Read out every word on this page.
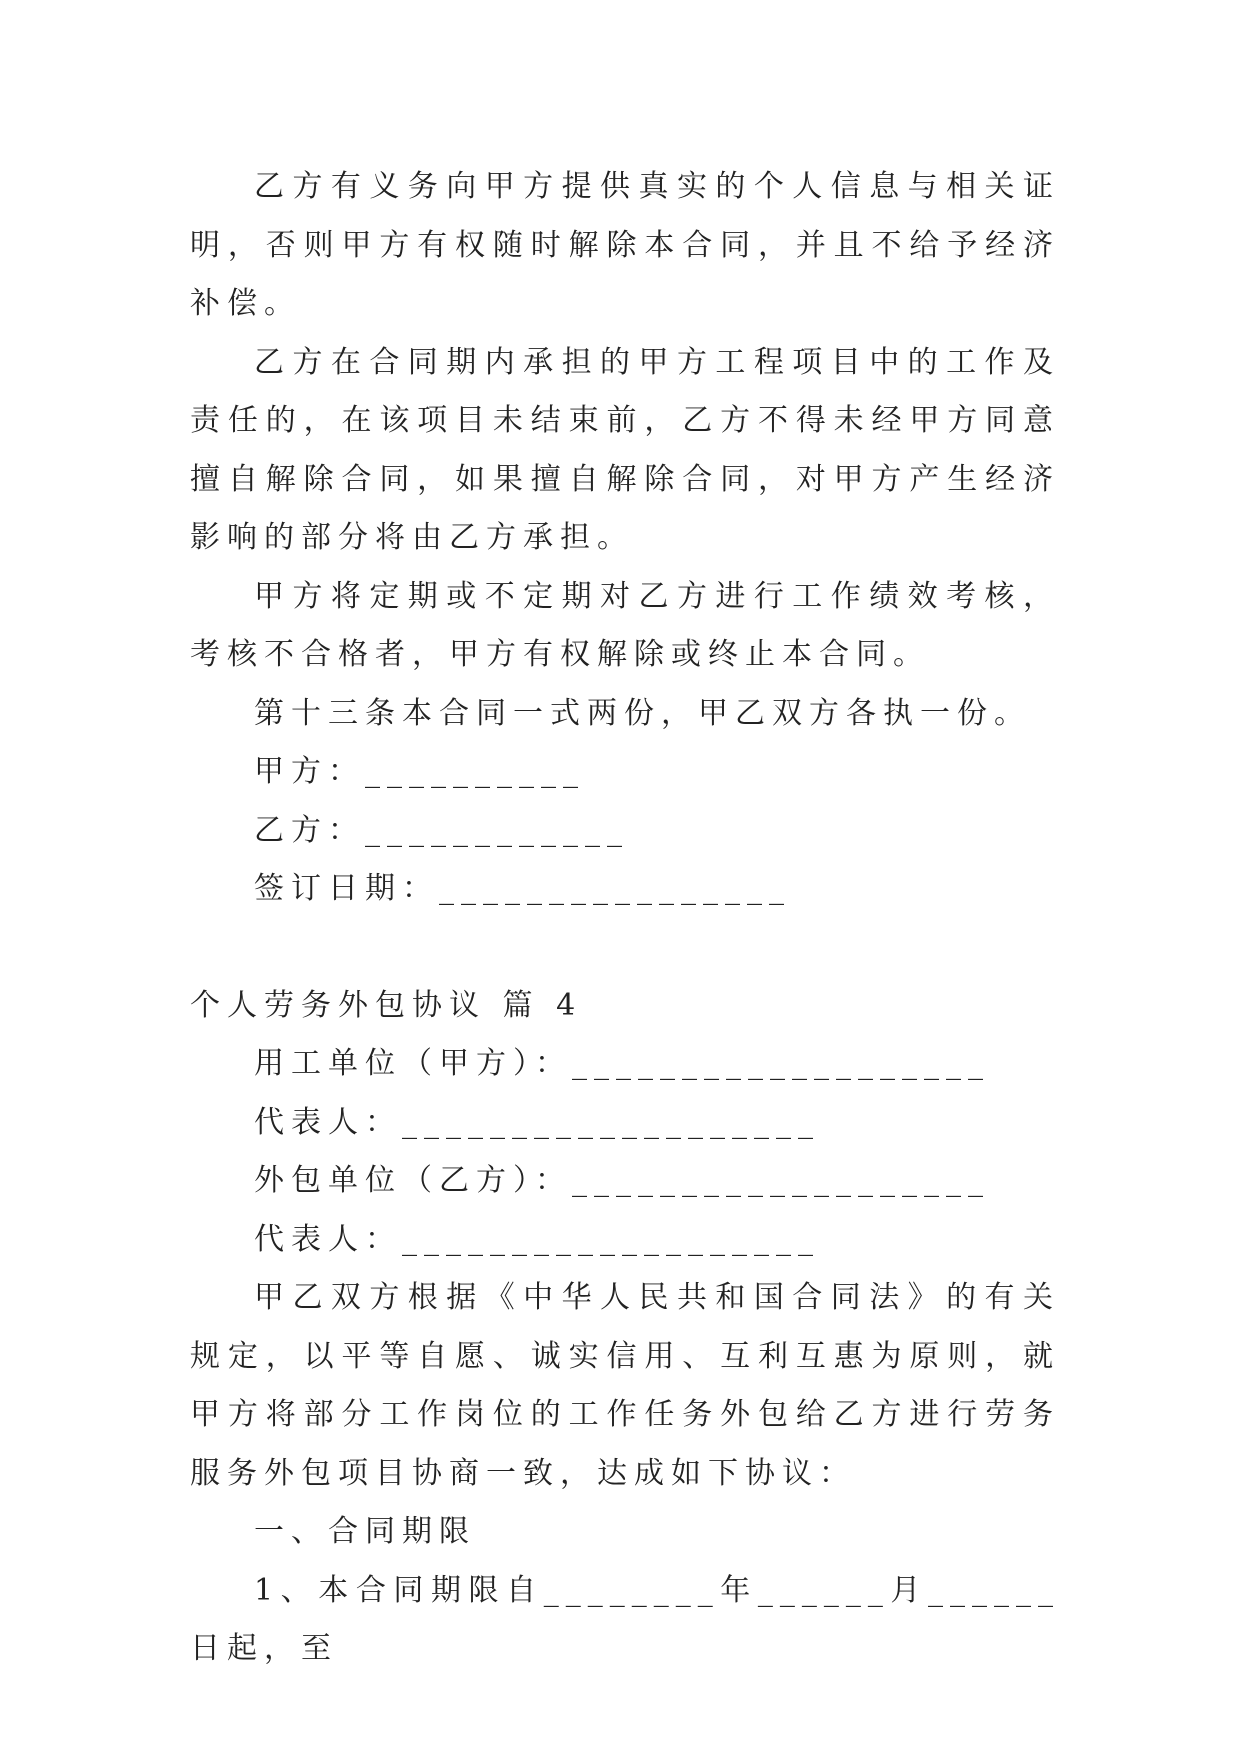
乙方有义务向甲方提供真实的个人信息与相关证明，否则甲方有权随时解除本合同，并且不给予经济补偿。

乙方在合同期内承担的甲方工程项目中的工作及责任的，在该项目未结束前，乙方不得未经甲方同意擅自解除合同，如果擅自解除合同，对甲方产生经济影响的部分将由乙方承担。

甲方将定期或不定期对乙方进行工作绩效考核，考核不合格者，甲方有权解除或终止本合同。

第十三条本合同一式两份，甲乙双方各执一份。

甲方：__________

乙方：____________

签订日期：________________

个人劳务外包协议 篇 4

用工单位（甲方）：___________________

代表人：___________________

外包单位（乙方）：___________________

代表人：___________________

甲乙双方根据《中华人民共和国合同法》的有关规定，以平等自愿、诚实信用、互利互惠为原则，就甲方将部分工作岗位的工作任务外包给乙方进行劳务服务外包项目协商一致，达成如下协议：

一、合同期限

1、本合同期限自________年______月______日起，至
